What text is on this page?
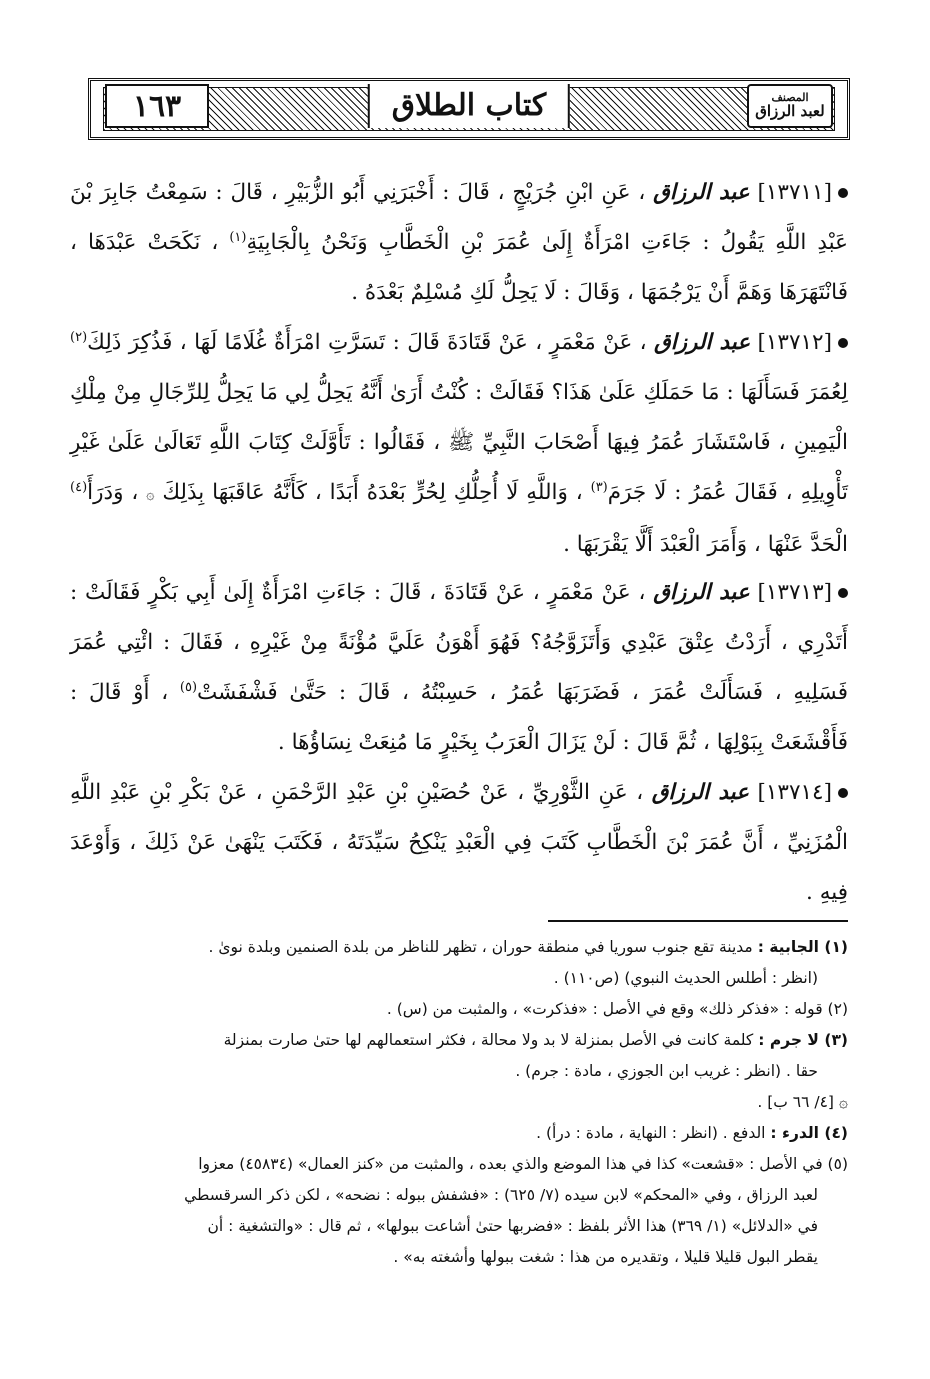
١٦٣	كتاب الطلاق	المصنف
لعبد الرزاق

[١٣٧١١] عبد الرزاق ، عَنِ ابْنِ جُرَيْجٍ ، قَالَ : أَخْبَرَنِي أَبُو الزُّبَيْرِ ، قَالَ : سَمِعْتُ جَابِرَ بْنَ عَبْدِ اللَّهِ يَقُولُ : جَاءَتِ امْرَأَةٌ إِلَىٰ عُمَرَ بْنِ الْخَطَّابِ وَنَحْنُ بِالْجَابِيَةِ$^{(١)}$ ، نَكَحَتْ عَبْدَهَا ، فَانْتَهَرَهَا وَهَمَّ أَنْ يَرْجُمَهَا ، وَقَالَ : لَا يَحِلُّ لَكِ مُسْلِمٌ بَعْدَهُ .

[١٣٧١٢] عبد الرزاق ، عَنْ مَعْمَرٍ ، عَنْ قَتَادَةَ قَالَ : تَسَرَّتِ امْرَأَةٌ غُلَامًا لَهَا ، فَذُكِرَ ذَلِكَ$^{(٢)}$ لِعُمَرَ فَسَأَلَهَا : مَا حَمَلَكِ عَلَىٰ هَذَا؟ فَقَالَتْ : كُنْتُ أَرَىٰ أَنَّهُ يَحِلُّ لِي مَا يَحِلُّ لِلرِّجَالِ مِنْ مِلْكِ الْيَمِينِ ، فَاسْتَشَارَ عُمَرُ فِيهَا أَصْحَابَ النَّبِيِّ ﷺ ، فَقَالُوا : تَأَوَّلَتْ كِتَابَ اللَّهِ تَعَالَىٰ عَلَىٰ غَيْرِ تَأْوِيلِهِ ، فَقَالَ عُمَرُ : لَا جَرَمَ$^{(٣)}$ ، وَاللَّهِ لَا أُحِلُّكِ لِحُرٍّ بَعْدَهُ أَبَدًا ، كَأَنَّهُ عَاقَبَهَا بِذَلِكَ ۞ ، وَدَرَأَ$^{(٤)}$ الْحَدَّ عَنْهَا ، وَأَمَرَ الْعَبْدَ أَلَّا يَقْرَبَهَا .

[١٣٧١٣] عبد الرزاق ، عَنْ مَعْمَرٍ ، عَنْ قَتَادَةَ ، قَالَ : جَاءَتِ امْرَأَةٌ إِلَىٰ أَبِي بَكْرٍ فَقَالَتْ : أَتَدْرِي ، أَرَدْتُ عِتْقَ عَبْدِي وَأَتَزَوَّجُهُ؟ فَهُوَ أَهْوَنُ عَلَيَّ مُؤْنَةً مِنْ غَيْرِهِ ، فَقَالَ : ائْتِي عُمَرَ فَسَلِيهِ ، فَسَأَلَتْ عُمَرَ ، فَضَرَبَهَا عُمَرُ ، حَسِبْتُهُ ، قَالَ : حَتَّىٰ فَشْفَشَتْ$^{(٥)}$ ، أَوْ قَالَ : فَأَقْشَعَتْ بِبَوْلِهَا ، ثُمَّ قَالَ : لَنْ يَزَالَ الْعَرَبُ بِخَيْرٍ مَا مُنِعَتْ نِسَاؤُهَا .

[١٣٧١٤] عبد الرزاق ، عَنِ الثَّوْرِيِّ ، عَنْ حُصَيْنِ بْنِ عَبْدِ الرَّحْمَنِ ، عَنْ بَكْرِ بْنِ عَبْدِ اللَّهِ الْمُزَنِيِّ ، أَنَّ عُمَرَ بْنَ الْخَطَّابِ كَتَبَ فِي الْعَبْدِ يَنْكِحُ سَيِّدَتَهُ ، فَكَتَبَ يَنْهَىٰ عَنْ ذَلِكَ ، وَأَوْعَدَ فِيهِ .

(١) الجابية : مدينة تقع جنوب سوريا في منطقة حوران ، تظهر للناظر من بلدة الصنمين وبلدة نوىٰ .

(انظر : أطلس الحديث النبوي) (ص١١٠) .

(٢) قوله : «فذكر ذلك» وقع في الأصل : «فذكرت» ، والمثبت من (س) .

(٣) لا جرم : كلمة كانت في الأصل بمنزلة لا بد ولا محالة ، فكثر استعمالهم لها حتىٰ صارت بمنزلة

حقا . (انظر : غريب ابن الجوزي ، مادة : جرم) .

۞ [٤/ ٦٦ ب] .

(٤) الدرء : الدفع . (انظر : النهاية ، مادة : درأ) .

(٥) في الأصل : «قشعت» كذا في هذا الموضع والذي بعده ، والمثبت من «كنز العمال» (٤٥٨٣٤) معزوا

لعبد الرزاق ، وفي «المحكم» لابن سيده (٧/ ٦٢٥) : «فشفش ببوله : نضحه» ، لكن ذكر السرقسطي

في «الدلائل» (١/ ٣٦٩) هذا الأثر بلفظ : «فضربها حتىٰ أشاعت ببولها» ، ثم قال : «والتشغية : أن

يقطر البول قليلا قليلا ، وتقديره من هذا : شغت ببولها وأشغته به» .
